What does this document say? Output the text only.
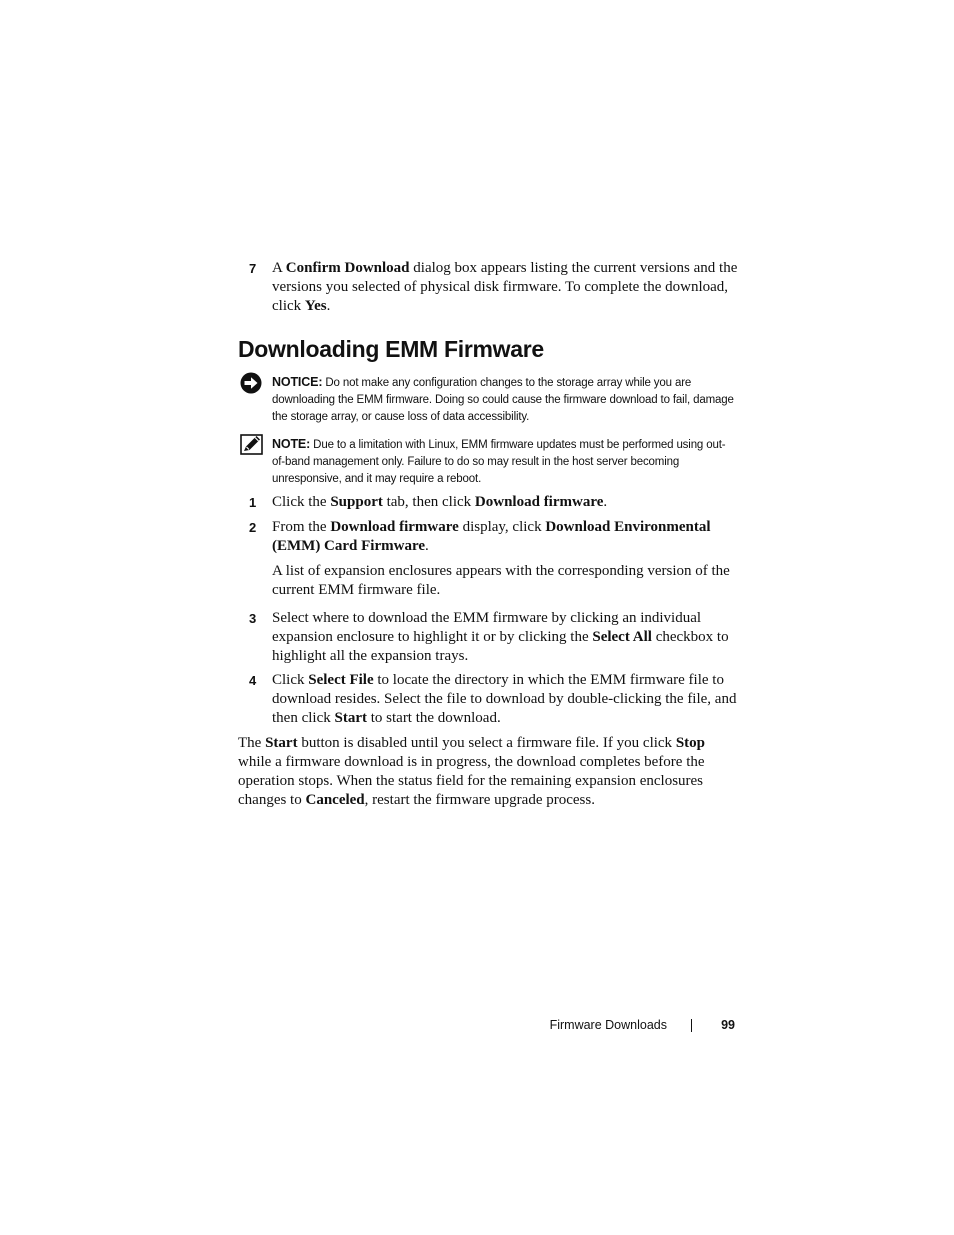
7 A Confirm Download dialog box appears listing the current versions and the versions you selected of physical disk firmware. To complete the download, click Yes.
Downloading EMM Firmware
NOTICE: Do not make any configuration changes to the storage array while you are downloading the EMM firmware. Doing so could cause the firmware download to fail, damage the storage array, or cause loss of data accessibility.
NOTE: Due to a limitation with Linux, EMM firmware updates must be performed using out-of-band management only. Failure to do so may result in the host server becoming unresponsive, and it may require a reboot.
1 Click the Support tab, then click Download firmware.
2 From the Download firmware display, click Download Environmental (EMM) Card Firmware.
A list of expansion enclosures appears with the corresponding version of the current EMM firmware file.
3 Select where to download the EMM firmware by clicking an individual expansion enclosure to highlight it or by clicking the Select All checkbox to highlight all the expansion trays.
4 Click Select File to locate the directory in which the EMM firmware file to download resides. Select the file to download by double-clicking the file, and then click Start to start the download.
The Start button is disabled until you select a firmware file. If you click Stop while a firmware download is in progress, the download completes before the operation stops. When the status field for the remaining expansion enclosures changes to Canceled, restart the firmware upgrade process.
Firmware Downloads	99
